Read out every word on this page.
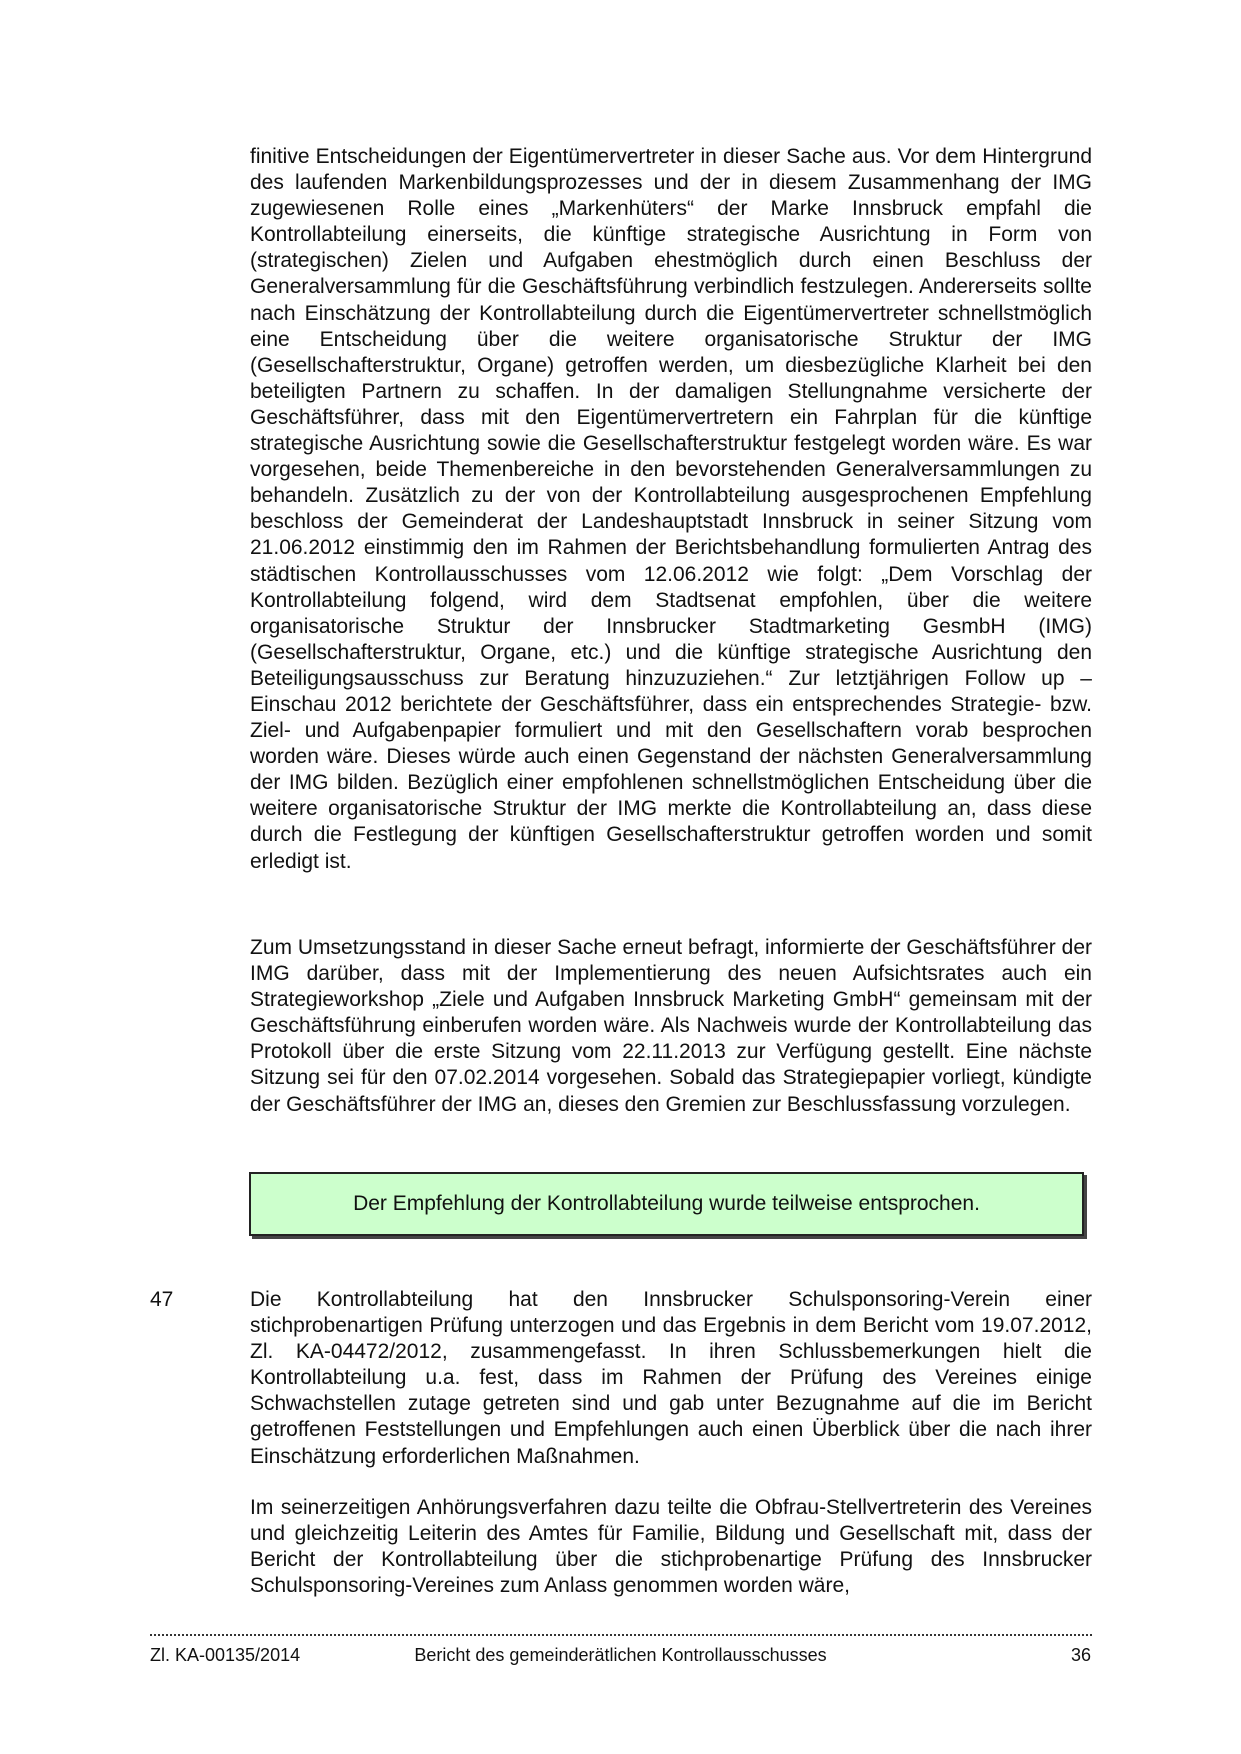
finitive Entscheidungen der Eigentümervertreter in dieser Sache aus. Vor dem Hintergrund des laufenden Markenbildungsprozesses und der in diesem Zusammenhang der IMG zugewiesenen Rolle eines „Markenhüters“ der Marke Innsbruck empfahl die Kontrollabteilung einerseits, die künftige strategische Ausrichtung in Form von (strategischen) Zielen und Aufgaben ehestmöglich durch einen Beschluss der Generalversammlung für die Geschäftsführung verbindlich festzulegen. Andererseits sollte nach Einschätzung der Kontrollabteilung durch die Eigentümervertreter schnellstmöglich eine Entscheidung über die weitere organisatorische Struktur der IMG (Gesellschafterstruktur, Organe) getroffen werden, um diesbezügliche Klarheit bei den beteiligten Partnern zu schaffen. In der damaligen Stellungnahme versicherte der Geschäftsführer, dass mit den Eigentümervertretern ein Fahrplan für die künftige strategische Ausrichtung sowie die Gesellschafterstruktur festgelegt worden wäre. Es war vorgesehen, beide Themenbereiche in den bevorstehenden Generalversammlungen zu behandeln. Zusätzlich zu der von der Kontrollabteilung ausgesprochenen Empfehlung beschloss der Gemeinderat der Landeshauptstadt Innsbruck in seiner Sitzung vom 21.06.2012 einstimmig den im Rahmen der Berichtsbehandlung formulierten Antrag des städtischen Kontrollausschusses vom 12.06.2012 wie folgt: „Dem Vorschlag der Kontrollabteilung folgend, wird dem Stadtsenat empfohlen, über die weitere organisatorische Struktur der Innsbrucker Stadtmarketing GesmbH (IMG) (Gesellschafterstruktur, Organe, etc.) und die künftige strategische Ausrichtung den Beteiligungsausschuss zur Beratung hinzuzuziehen.“ Zur letztjährigen Follow up – Einschau 2012 berichtete der Geschäftsführer, dass ein entsprechendes Strategie- bzw. Ziel- und Aufgabenpapier formuliert und mit den Gesellschaftern vorab besprochen worden wäre. Dieses würde auch einen Gegenstand der nächsten Generalversammlung der IMG bilden. Bezüglich einer empfohlenen schnellstmöglichen Entscheidung über die weitere organisatorische Struktur der IMG merkte die Kontrollabteilung an, dass diese durch die Festlegung der künftigen Gesellschafterstruktur getroffen worden und somit erledigt ist.

Zum Umsetzungsstand in dieser Sache erneut befragt, informierte der Geschäftsführer der IMG darüber, dass mit der Implementierung des neuen Aufsichtsrates auch ein Strategieworkshop „Ziele und Aufgaben Innsbruck Marketing GmbH“ gemeinsam mit der Geschäftsführung einberufen worden wäre. Als Nachweis wurde der Kontrollabteilung das Protokoll über die erste Sitzung vom 22.11.2013 zur Verfügung gestellt. Eine nächste Sitzung sei für den 07.02.2014 vorgesehen. Sobald das Strategiepapier vorliegt, kündigte der Geschäftsführer der IMG an, dieses den Gremien zur Beschlussfassung vorzulegen.

Der Empfehlung der Kontrollabteilung wurde teilweise entsprochen.
47	Die Kontrollabteilung hat den Innsbrucker Schulsponsoring-Verein einer stichprobenartigen Prüfung unterzogen und das Ergebnis in dem Bericht vom 19.07.2012, Zl. KA-04472/2012, zusammengefasst. In ihren Schlussbemerkungen hielt die Kontrollabteilung u.a. fest, dass im Rahmen der Prüfung des Vereines einige Schwachstellen zutage getreten sind und gab unter Bezugnahme auf die im Bericht getroffenen Feststellungen und Empfehlungen auch einen Überblick über die nach ihrer Einschätzung erforderlichen Maßnahmen.

Im seinerzeitigen Anhörungsverfahren dazu teilte die Obfrau-Stellvertreterin des Vereines und gleichzeitig Leiterin des Amtes für Familie, Bildung und Gesellschaft mit, dass der Bericht der Kontrollabteilung über die stichprobenartige Prüfung des Innsbrucker Schulsponsoring-Vereines zum Anlass genommen worden wäre,

Zl. KA-00135/2014	Bericht des gemeinderätlichen Kontrollausschusses	36
